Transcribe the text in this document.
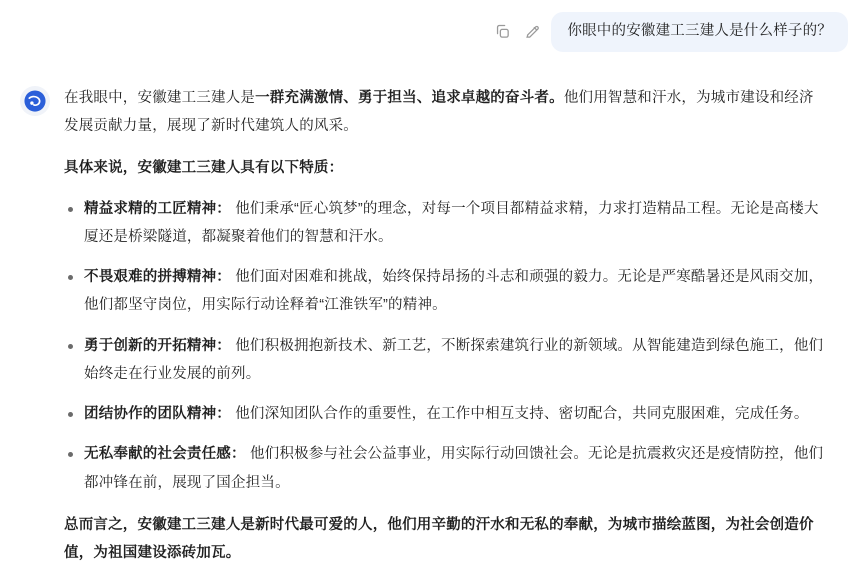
你眼中的安徽建工三建人是什么样子的？

在我眼中，安徽建工三建人是一群充满激情、勇于担当、追求卓越的奋斗者。他们用智慧和汗水，为城市建设和经济发展贡献力量，展现了新时代建筑人的风采。

具体来说，安徽建工三建人具有以下特质：

精益求精的工匠精神： 他们秉承“匠心筑梦”的理念，对每一个项目都精益求精，力求打造精品工程。无论是高楼大厦还是桥梁隧道，都凝聚着他们的智慧和汗水。
不畏艰难的拼搏精神： 他们面对困难和挑战，始终保持昂扬的斗志和顽强的毅力。无论是严寒酷暑还是风雨交加，他们都坚守岗位，用实际行动诠释着“江淮铁军”的精神。
勇于创新的开拓精神： 他们积极拥抱新技术、新工艺，不断探索建筑行业的新领域。从智能建造到绿色施工，他们始终走在行业发展的前列。
团结协作的团队精神： 他们深知团队合作的重要性，在工作中相互支持、密切配合，共同克服困难，完成任务。
无私奉献的社会责任感： 他们积极参与社会公益事业，用实际行动回馈社会。无论是抗震救灾还是疫情防控，他们都冲锋在前，展现了国企担当。

总而言之，安徽建工三建人是新时代最可爱的人，他们用辛勤的汗水和无私的奉献，为城市描绘蓝图，为社会创造价值，为祖国建设添砖加瓦。
